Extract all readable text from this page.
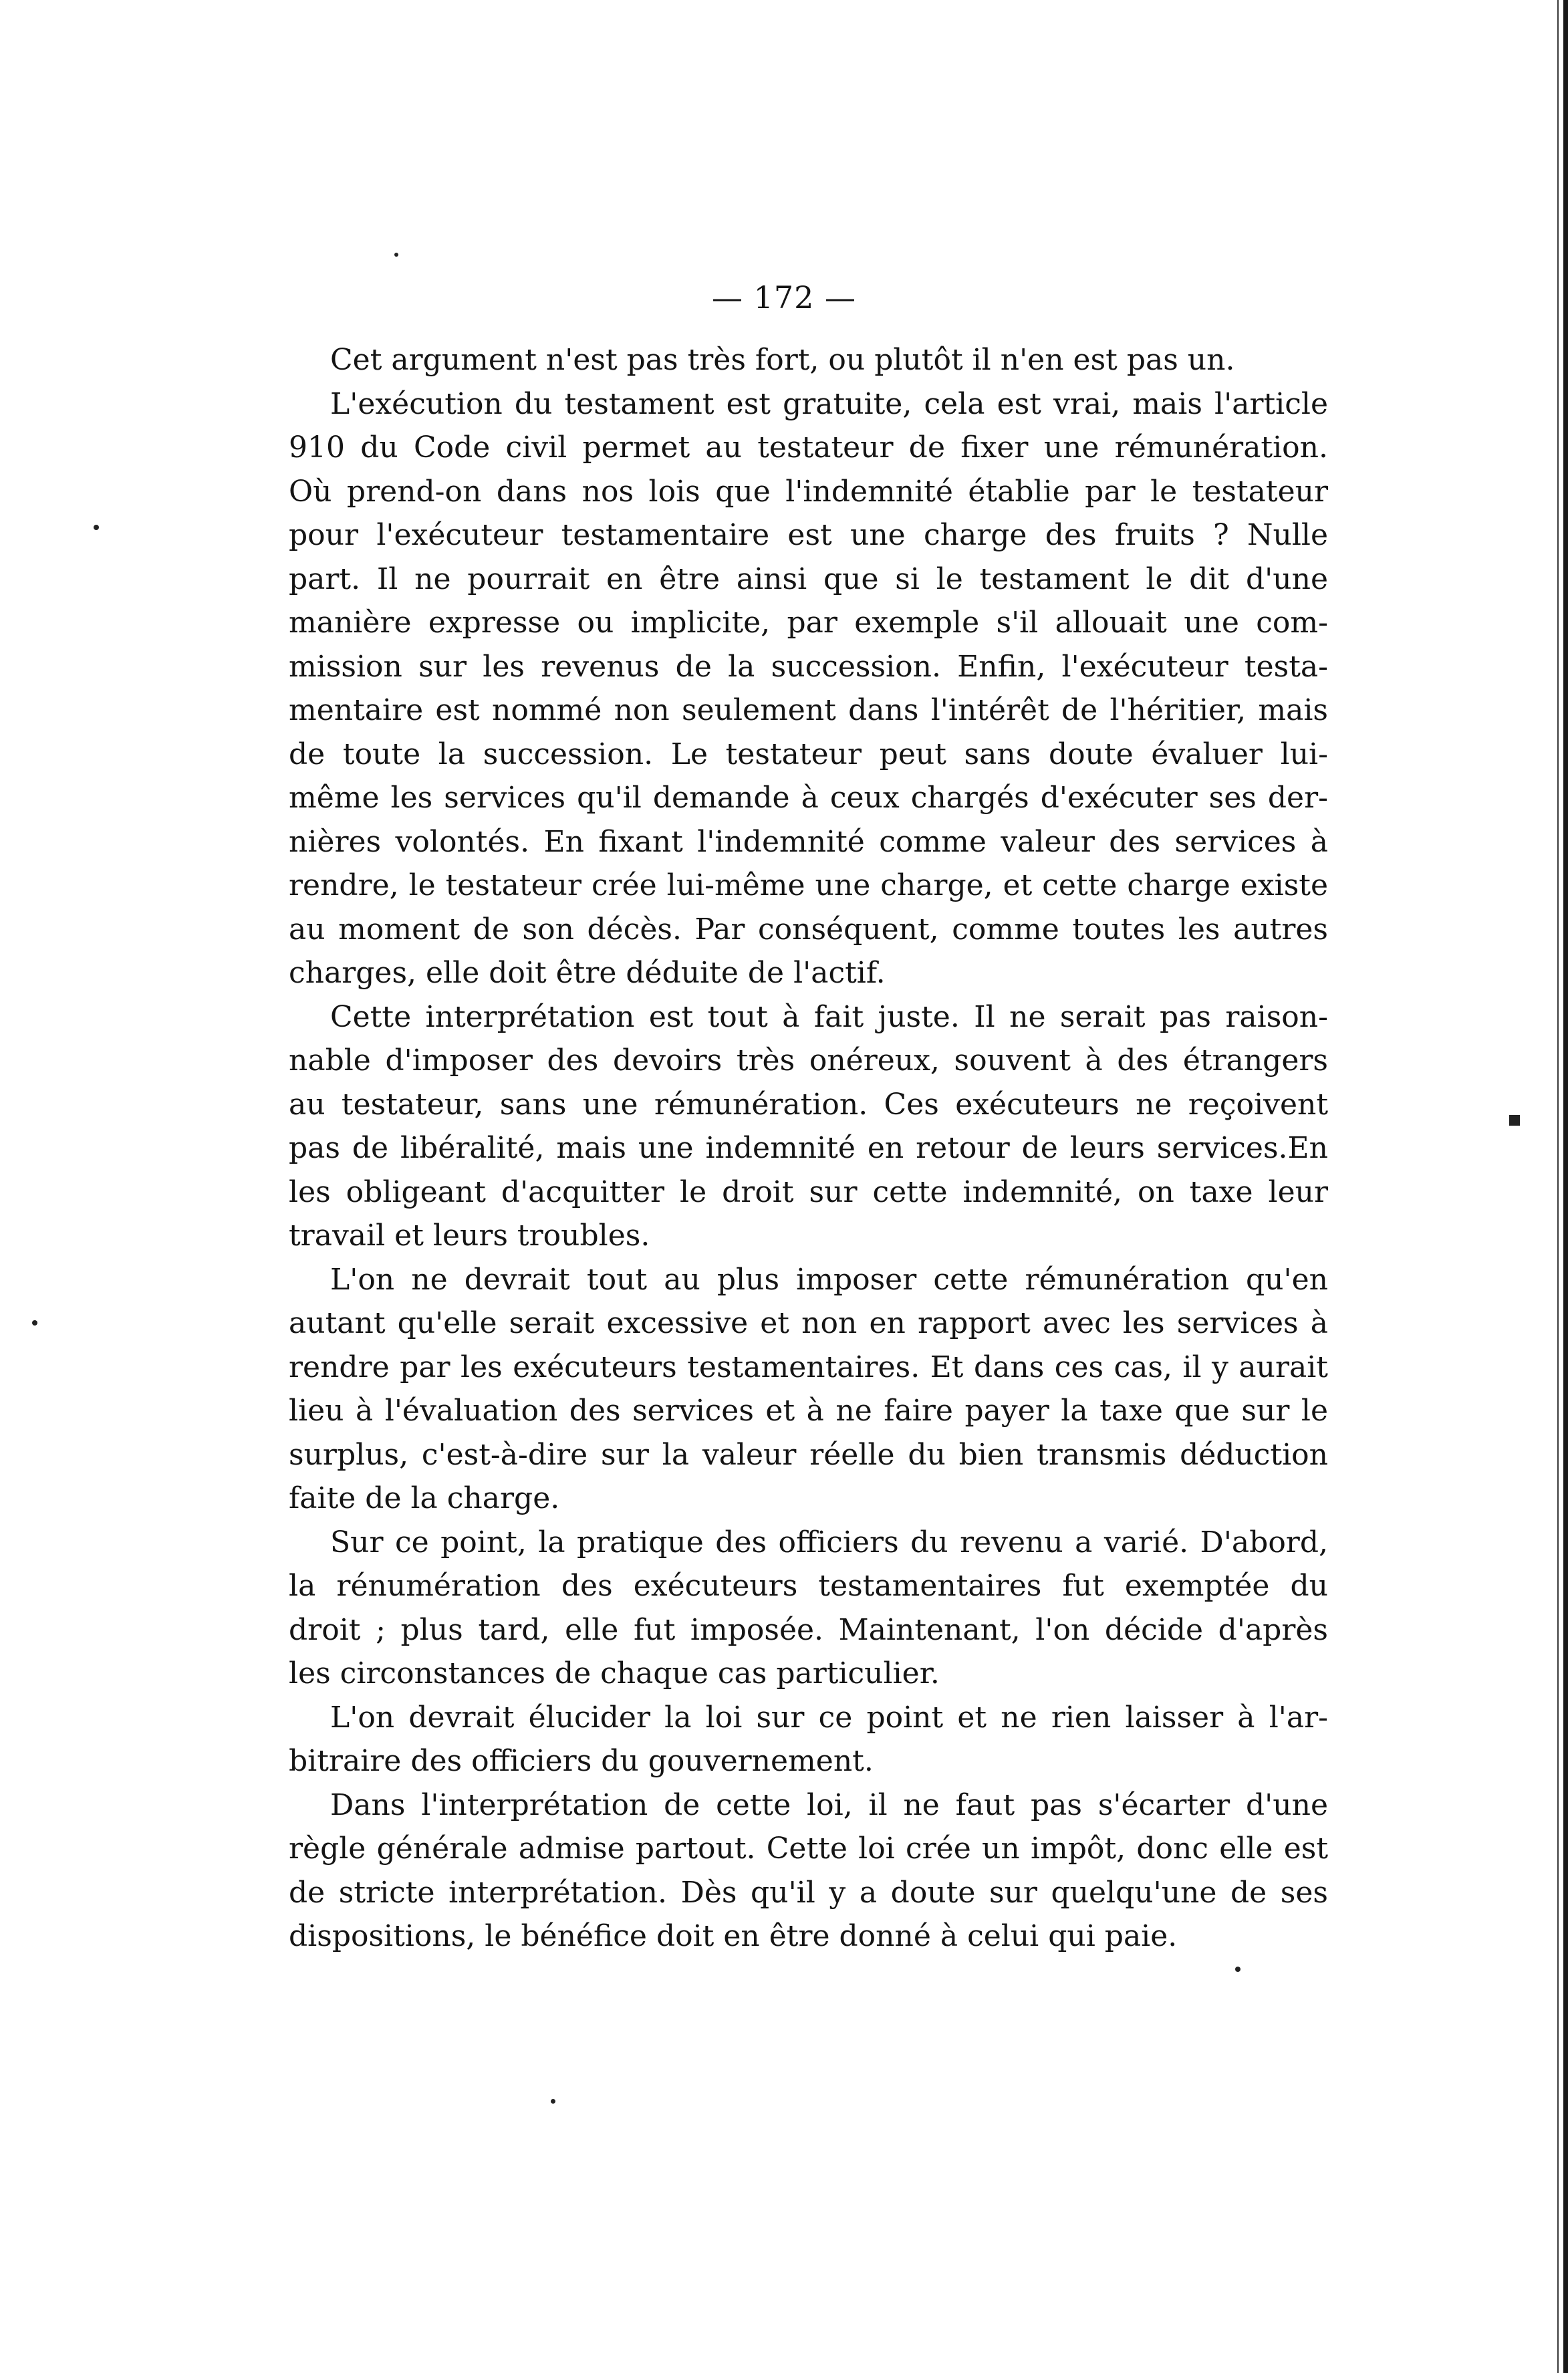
— 172 —
Cet argument n'est pas très fort, ou plutôt il n'en est pas un.
L'exécution du testament est gratuite, cela est vrai, mais l'article
910 du Code civil permet au testateur de fixer une rémunération.
Où prend-on dans nos lois que l'indemnité établie par le testateur
pour l'exécuteur testamentaire est une charge des fruits ? Nulle
part. Il ne pourrait en être ainsi que si le testament le dit d'une
manière expresse ou implicite, par exemple s'il allouait une com-
mission sur les revenus de la succession. Enfin, l'exécuteur testa-
mentaire est nommé non seulement dans l'intérêt de l'héritier, mais
de toute la succession. Le testateur peut sans doute évaluer lui-
même les services qu'il demande à ceux chargés d'exécuter ses der-
nières volontés. En fixant l'indemnité comme valeur des services à
rendre, le testateur crée lui-même une charge, et cette charge existe
au moment de son décès. Par conséquent, comme toutes les autres
charges, elle doit être déduite de l'actif.
Cette interprétation est tout à fait juste. Il ne serait pas raison-
nable d'imposer des devoirs très onéreux, souvent à des étrangers
au testateur, sans une rémunération. Ces exécuteurs ne reçoivent
pas de libéralité, mais une indemnité en retour de leurs services.En
les obligeant d'acquitter le droit sur cette indemnité, on taxe leur
travail et leurs troubles.
L'on ne devrait tout au plus imposer cette rémunération qu'en
autant qu'elle serait excessive et non en rapport avec les services à
rendre par les exécuteurs testamentaires. Et dans ces cas, il y aurait
lieu à l'évaluation des services et à ne faire payer la taxe que sur le
surplus, c'est-à-dire sur la valeur réelle du bien transmis déduction
faite de la charge.
Sur ce point, la pratique des officiers du revenu a varié. D'abord,
la rénumération des exécuteurs testamentaires fut exemptée du
droit ; plus tard, elle fut imposée. Maintenant, l'on décide d'après
les circonstances de chaque cas particulier.
L'on devrait élucider la loi sur ce point et ne rien laisser à l'ar-
bitraire des officiers du gouvernement.
Dans l'interprétation de cette loi, il ne faut pas s'écarter d'une
règle générale admise partout. Cette loi crée un impôt, donc elle est
de stricte interprétation. Dès qu'il y a doute sur quelqu'une de ses
dispositions, le bénéfice doit en être donné à celui qui paie.
